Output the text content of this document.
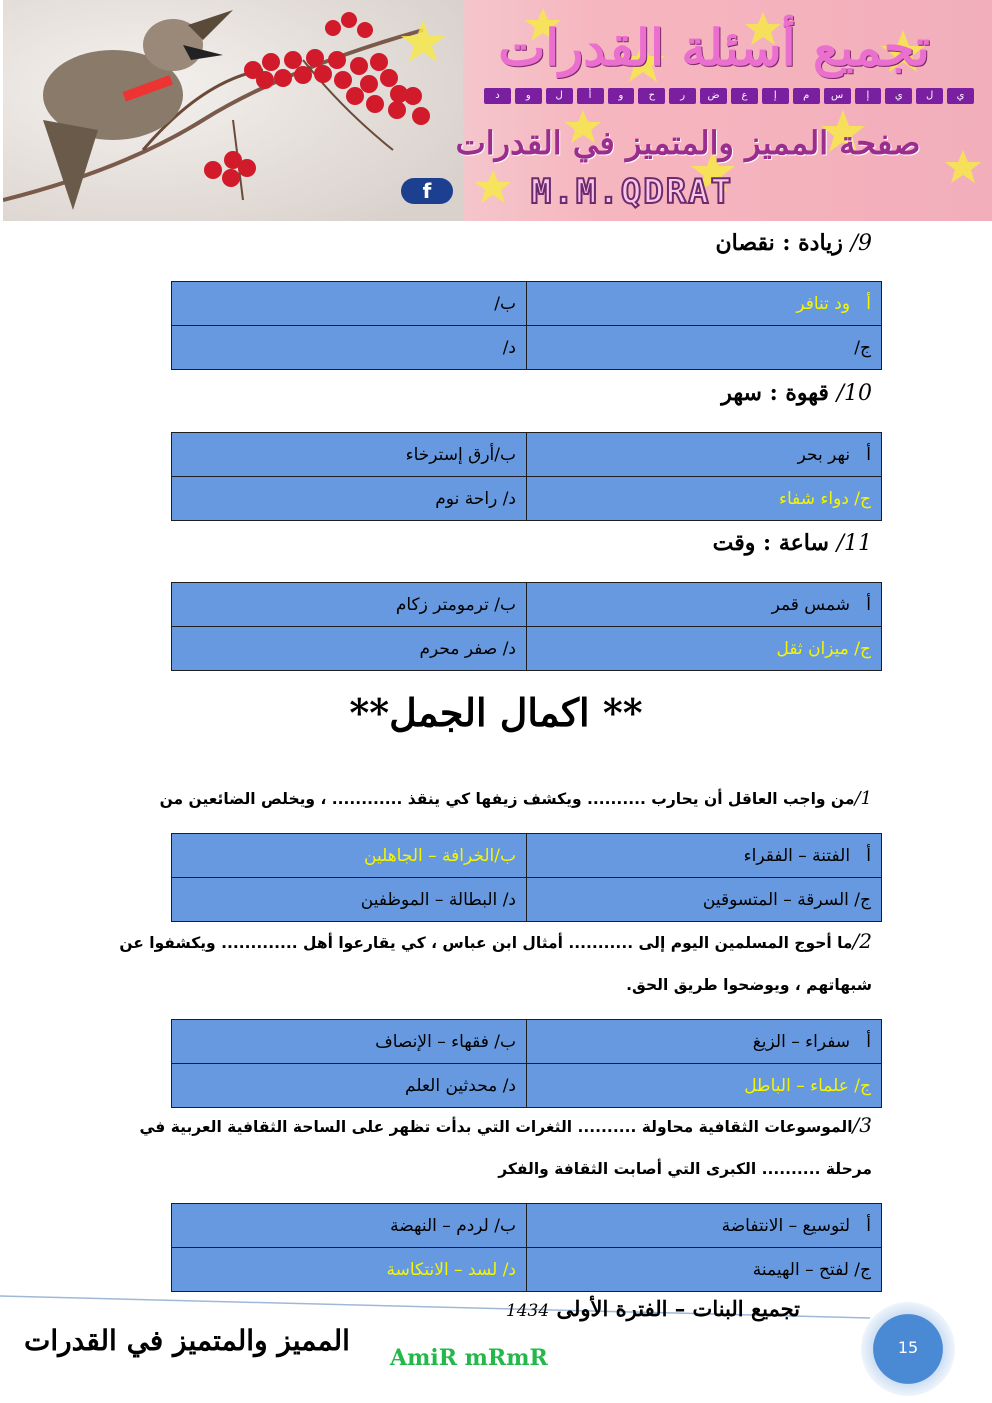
تجميع أسئلة القدرات
ي
ل
ي
إ
س
م
إ
ع
ض
ر
ح
و
أ
ل
و
د
صفحة المميز والمتميز في القدرات
f	M.M.QDRAT
9/ زيادة : نقصان
أ   ود تنافر	ب/
ج/	د/
10/ قهوة : سهر
أ   نهر بحر	ب/أرق إسترخاء
ج/ دواء شفاء	د/ راحة نوم
11/ ساعة : وقت
أ   شمس قمر	ب/ ترمومتر زكام
ج/ ميزان ثقل	د/ صفر محرم
** اكمال الجمل**
1/من واجب العاقل أن يحارب .......... ويكشف زيفها كي ينقذ ............ ، ويخلص الضائعين من
أ   الفتنة – الفقراء	ب/الخرافة – الجاهلين
ج/ السرقة – المتسوقين	د/ البطالة – الموظفين
2/ما أحوج المسلمين اليوم إلى ........... أمثال ابن عباس ، كي يقارعوا أهل ............. ويكشفوا عن شبهاتهم ، ويوضحوا طريق الحق.
أ   سفراء – الزيغ	ب/ فقهاء – الإنصاف
ج/ علماء – الباطل	د/ محدثين العلم
3/الموسوعات الثقافية محاولة .......... الثغرات التي بدأت تظهر على الساحة الثقافية العربية في مرحلة .......... الكبرى التي أصابت الثقافة والفكر
أ   لتوسيع – الانتفاضة	ب/ لردم – النهضة
ج/ لفتح – الهيمنة	د/ لسد – الانتكاسة
تجميع البنات – الفترة الأولى 1434
المميز والمتميز في القدرات
AmiR mRmR	15
